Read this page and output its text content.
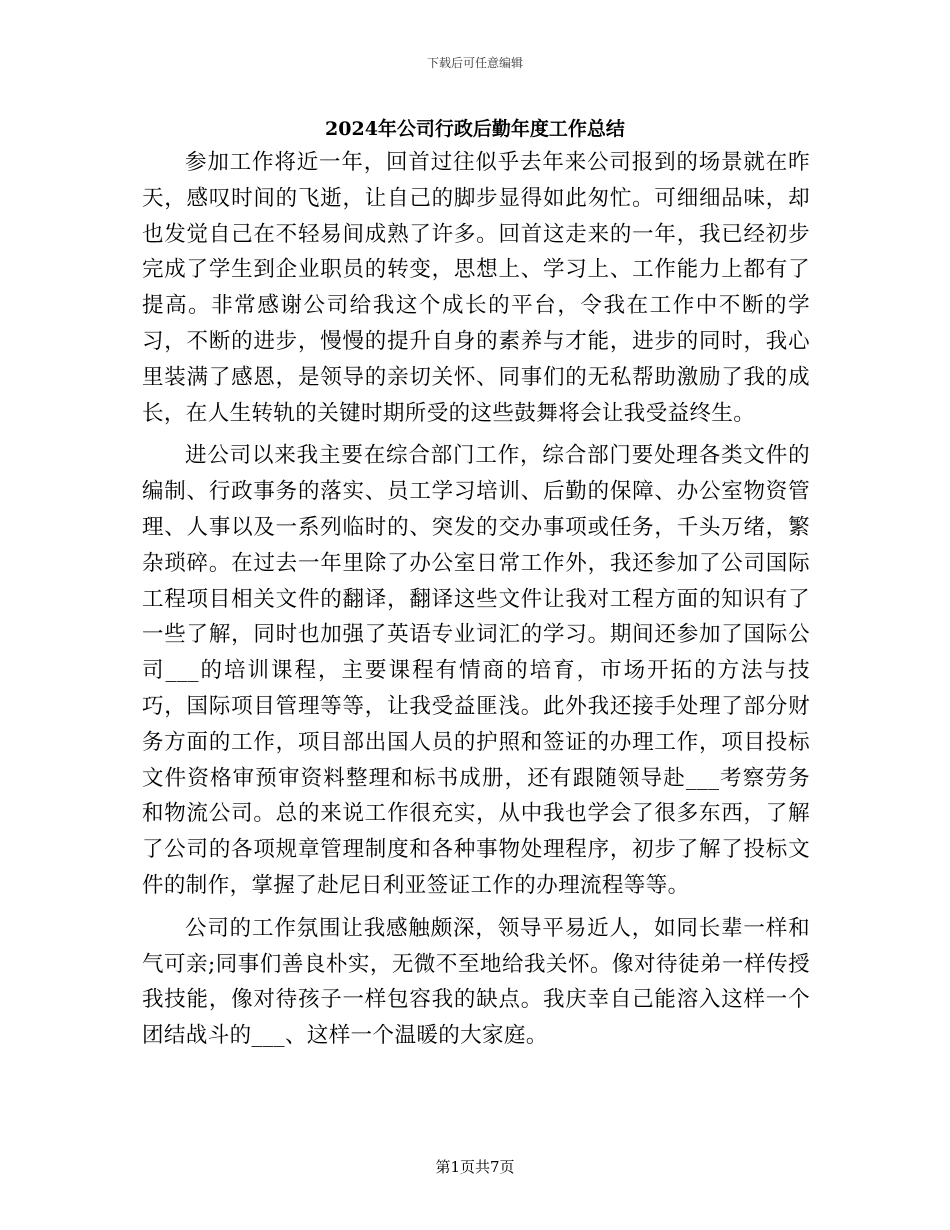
下载后可任意编辑
2024年公司行政后勤年度工作总结

参加工作将近一年，回首过往似乎去年来公司报到的场景就在昨天，感叹时间的飞逝，让自己的脚步显得如此匆忙。可细细品味，却也发觉自己在不轻易间成熟了许多。回首这走来的一年，我已经初步完成了学生到企业职员的转变，思想上、学习上、工作能力上都有了提高。非常感谢公司给我这个成长的平台，令我在工作中不断的学习，不断的进步，慢慢的提升自身的素养与才能，进步的同时，我心里装满了感恩，是领导的亲切关怀、同事们的无私帮助激励了我的成长，在人生转轨的关键时期所受的这些鼓舞将会让我受益终生。

进公司以来我主要在综合部门工作，综合部门要处理各类文件的编制、行政事务的落实、员工学习培训、后勤的保障、办公室物资管理、人事以及一系列临时的、突发的交办事项或任务，千头万绪，繁杂琐碎。在过去一年里除了办公室日常工作外，我还参加了公司国际工程项目相关文件的翻译，翻译这些文件让我对工程方面的知识有了一些了解，同时也加强了英语专业词汇的学习。期间还参加了国际公司___的培训课程，主要课程有情商的培育，市场开拓的方法与技巧，国际项目管理等等，让我受益匪浅。此外我还接手处理了部分财务方面的工作，项目部出国人员的护照和签证的办理工作，项目投标文件资格审预审资料整理和标书成册，还有跟随领导赴___考察劳务和物流公司。总的来说工作很充实，从中我也学会了很多东西，了解了公司的各项规章管理制度和各种事物处理程序，初步了解了投标文件的制作，掌握了赴尼日利亚签证工作的办理流程等等。

公司的工作氛围让我感触颇深，领导平易近人，如同长辈一样和气可亲;同事们善良朴实，无微不至地给我关怀。像对待徒弟一样传授我技能，像对待孩子一样包容我的缺点。我庆幸自己能溶入这样一个团结战斗的___、这样一个温暖的大家庭。

第1页共7页
